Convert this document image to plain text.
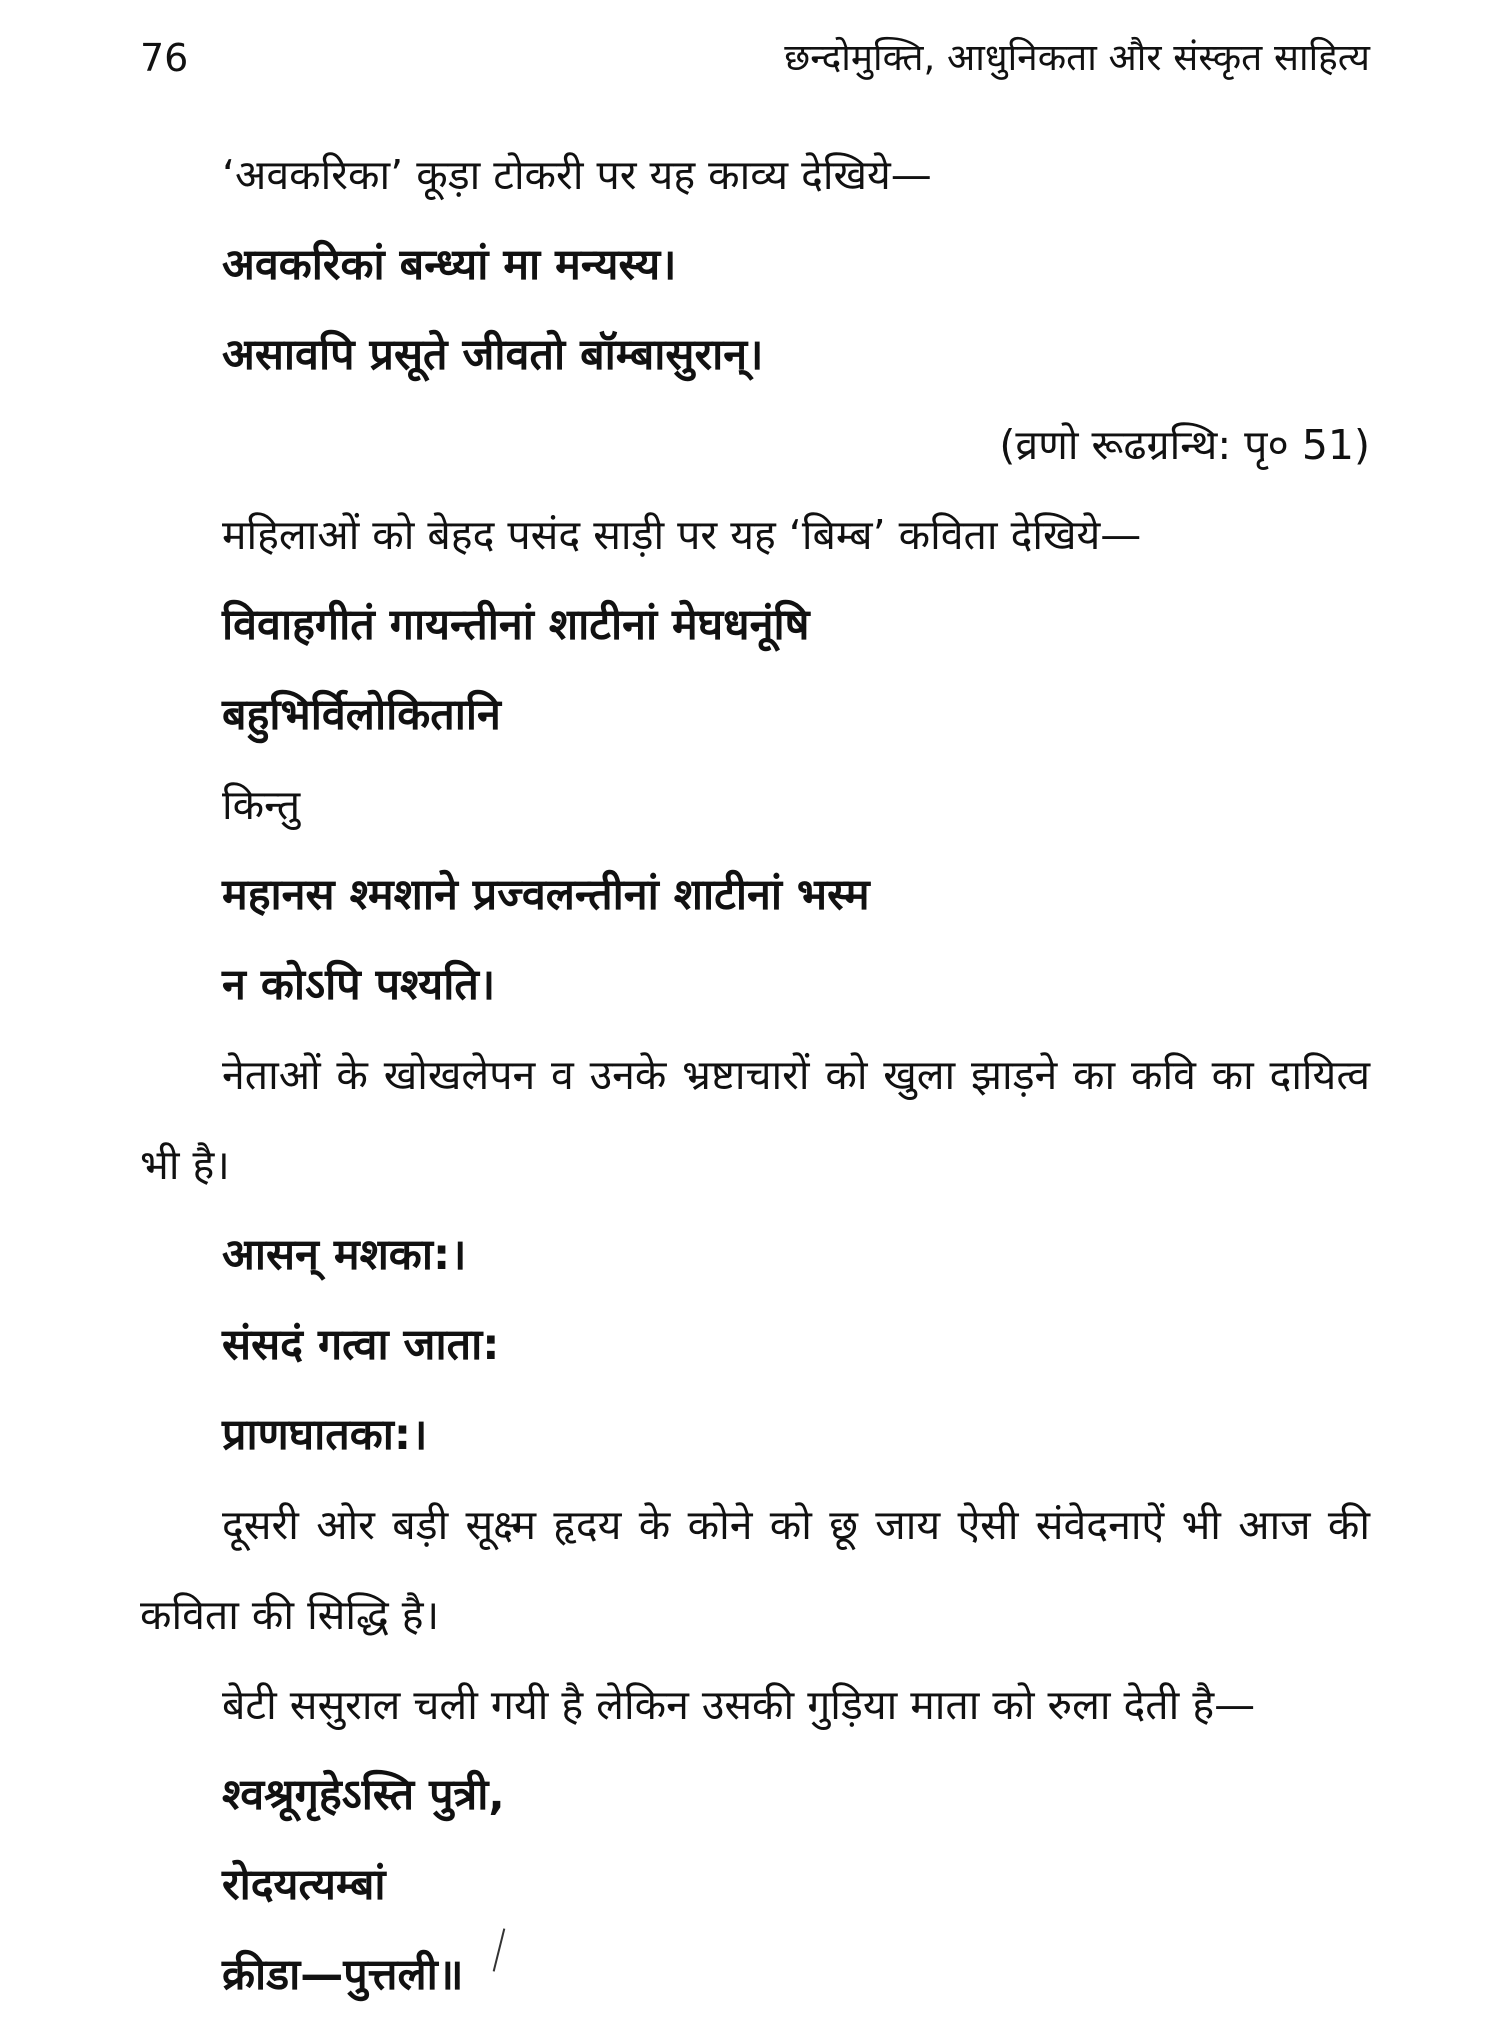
76	छन्दोमुक्ति, आधुनिकता और संस्कृत साहित्य
‘अवकरिका’ कूड़ा टोकरी पर यह काव्य देखिये—
अवकरिकां बन्ध्यां मा मन्यस्य।
असावपि प्रसूते जीवतो बॉम्बासुरान्।
(व्रणो रूढग्रन्थि: पृ० 51)
महिलाओं को बेहद पसंद साड़ी पर यह ‘बिम्ब’ कविता देखिये—
विवाहगीतं गायन्तीनां शाटीनां मेघधनूंषि
बहुभिर्विलोकितानि
किन्तु
महानस श्मशाने प्रज्वलन्तीनां शाटीनां भस्म
न कोऽपि पश्यति।
नेताओं के खोखलेपन व उनके भ्रष्टाचारों को खुला झाड़ने का कवि का दायित्व भी है।
आसन् मशका:।
संसदं गत्वा जाता:
प्राणघातका:।
दूसरी ओर बड़ी सूक्ष्म हृदय के कोने को छू जाय ऐसी संवेदनाऐं भी आज की कविता की सिद्धि है।
बेटी ससुराल चली गयी है लेकिन उसकी गुड़िया माता को रुला देती है—
श्वश्रूगृहेऽस्ति पुत्री,
रोदयत्यम्बां
क्रीडा—पुत्तली॥
